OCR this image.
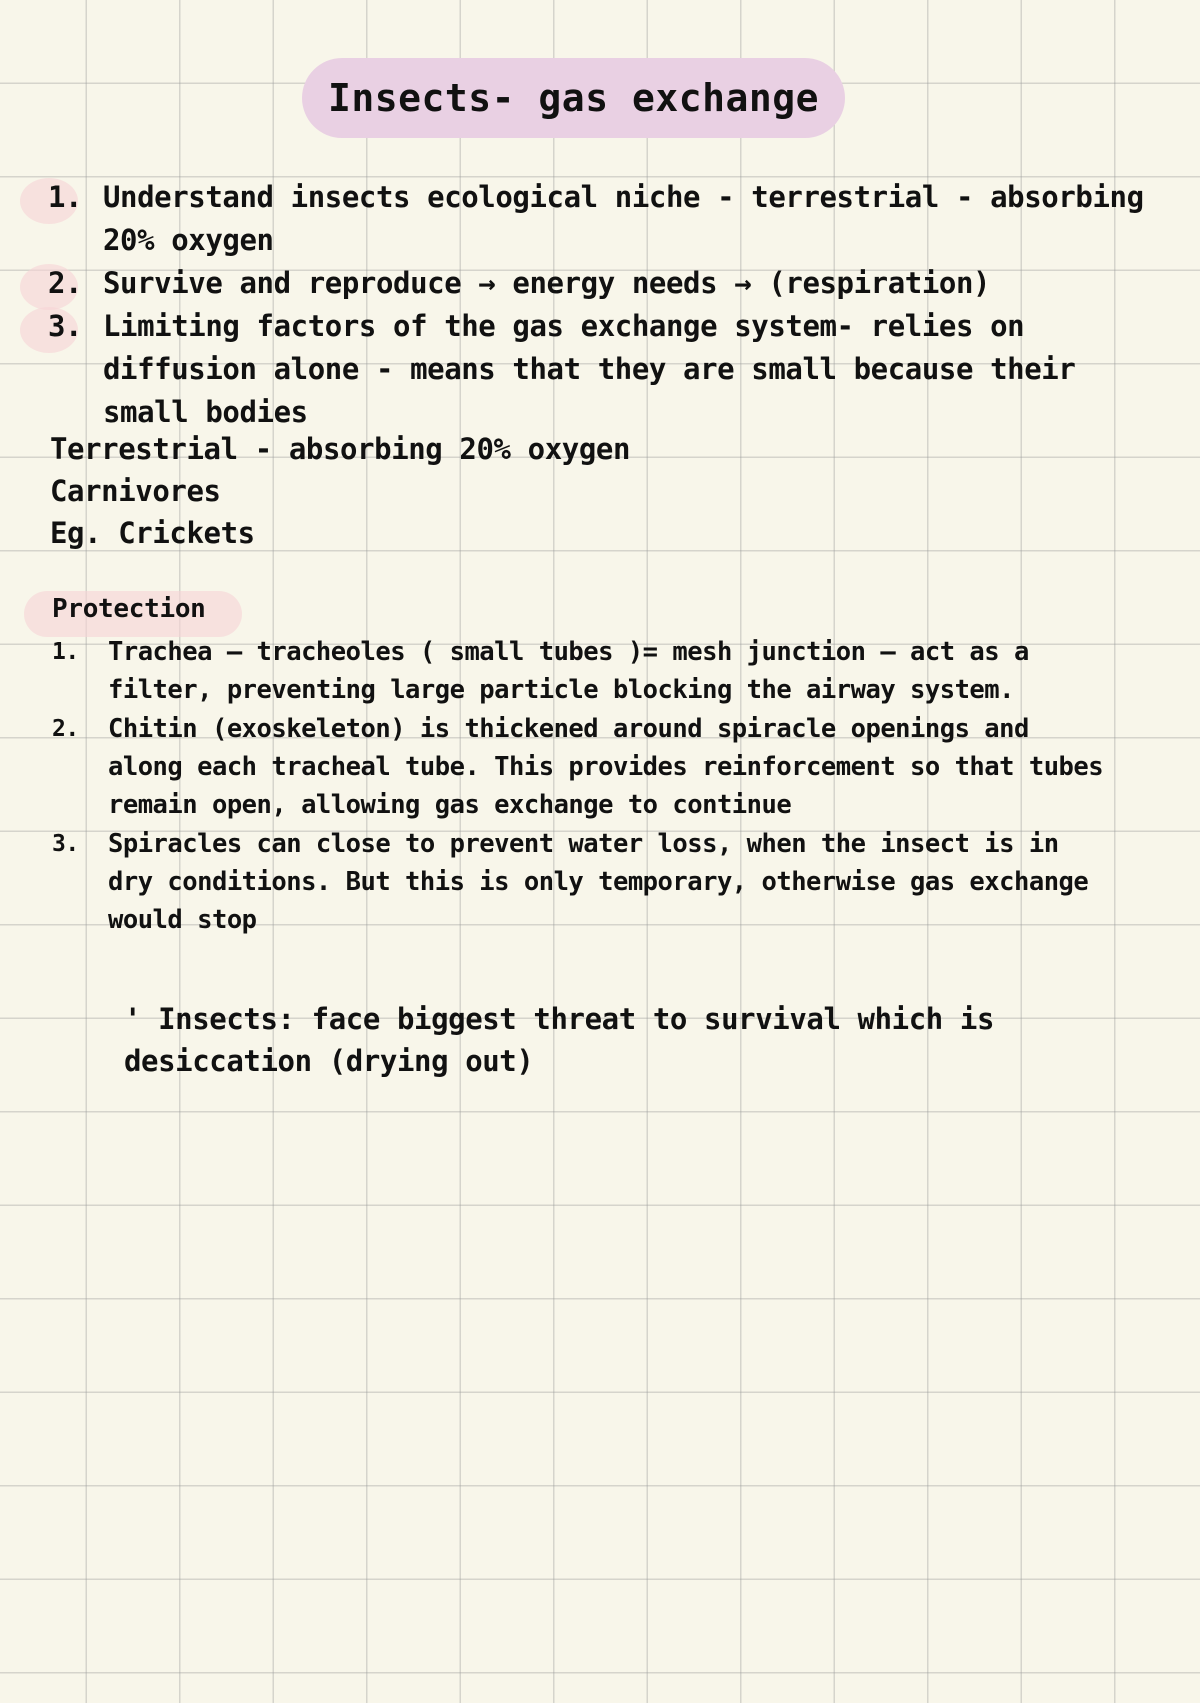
Insects- gas exchange
1. Understand insects ecological niche - terrestrial - absorbing 20% oxygen
2. Survive and reproduce → energy needs → (respiration)
3. Limiting factors of the gas exchange system- relies on diffusion alone - means that they are small because their small bodies
Terrestrial - absorbing 20% oxygen
Carnivores
Eg. Crickets
Protection
1. Trachea — tracheoles ( small tubes )= mesh junction — act as a filter, preventing large particle blocking the airway system.
2. Chitin (exoskeleton) is thickened around spiracle openings and along each tracheal tube. This provides reinforcement so that tubes remain open, allowing gas exchange to continue
3. Spiracles can close to prevent water loss, when the insect is in dry conditions. But this is only temporary, otherwise gas exchange would stop
' Insects: face biggest threat to survival which is desiccation (drying out)
